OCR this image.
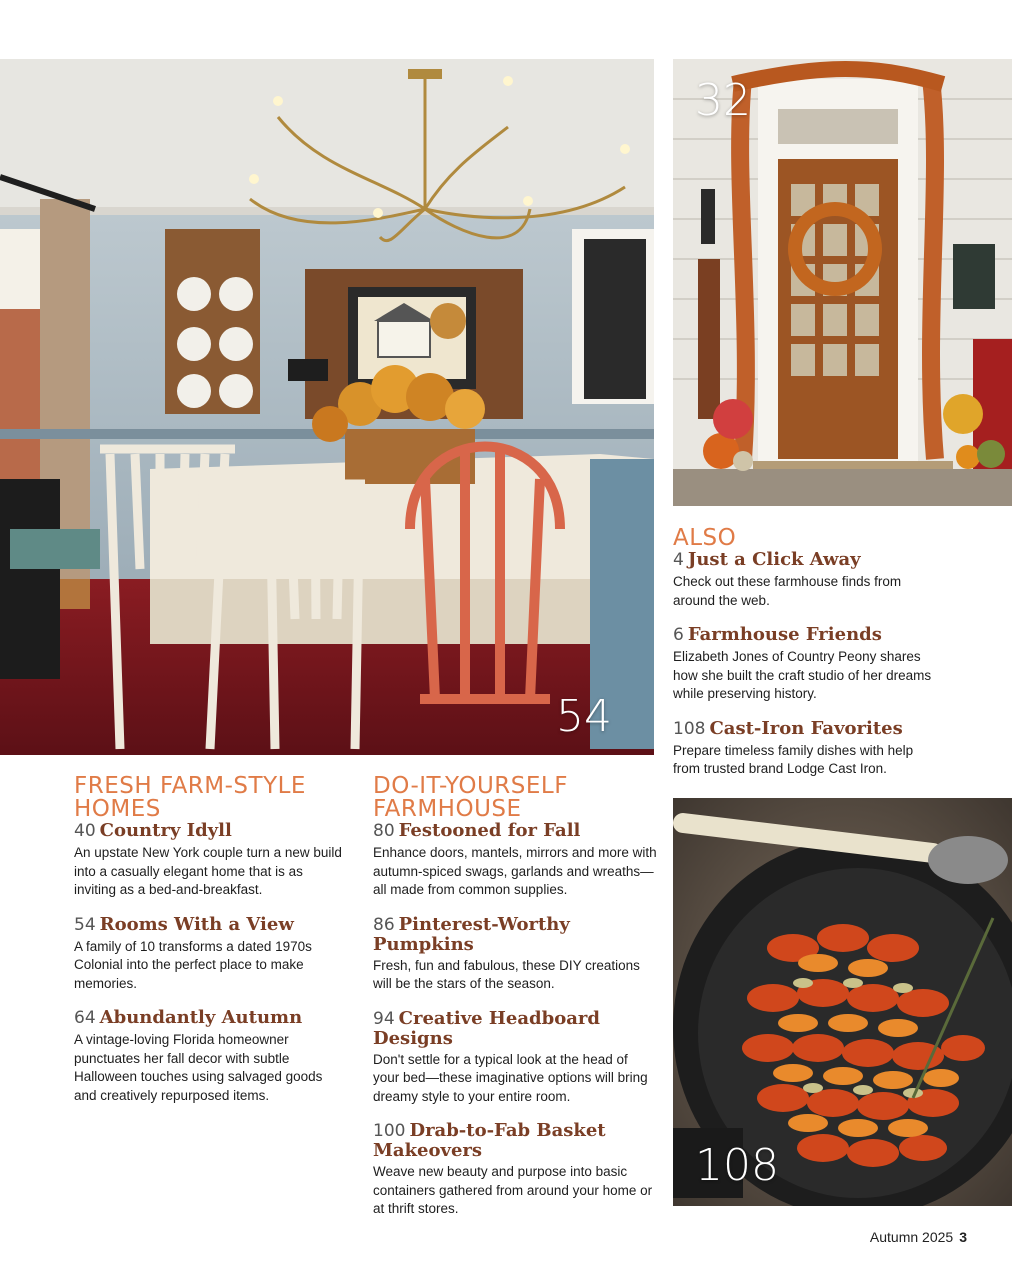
54
32
108
FRESH FARM-STYLE HOMES

40 Country Idyll

An upstate New York couple turn a new build into a casually elegant home that is as inviting as a bed-and-breakfast.

54 Rooms With a View

A family of 10 transforms a dated 1970s Colonial into the perfect place to make memories.

64 Abundantly Autumn

A vintage-loving Florida homeowner punctuates her fall decor with subtle Halloween touches using salvaged goods and creatively repurposed items.

DO-IT-YOURSELF FARMHOUSE

80 Festooned for Fall

Enhance doors, mantels, mirrors and more with autumn-spiced swags, garlands and wreaths—all made from common supplies.

86 Pinterest-Worthy Pumpkins

Fresh, fun and fabulous, these DIY creations will be the stars of the season.

94 Creative Headboard Designs

Don't settle for a typical look at the head of your bed—these imaginative options will bring dreamy style to your entire room.

100 Drab-to-Fab Basket Makeovers

Weave new beauty and purpose into basic containers gathered from around your home or at thrift stores.

ALSO

4 Just a Click Away

Check out these farmhouse finds from around the web.

6 Farmhouse Friends

Elizabeth Jones of Country Peony shares how she built the craft studio of her dreams while preserving history.

108 Cast-Iron Favorites

Prepare timeless family dishes with help from trusted brand Lodge Cast Iron.

Autumn 2025 3
